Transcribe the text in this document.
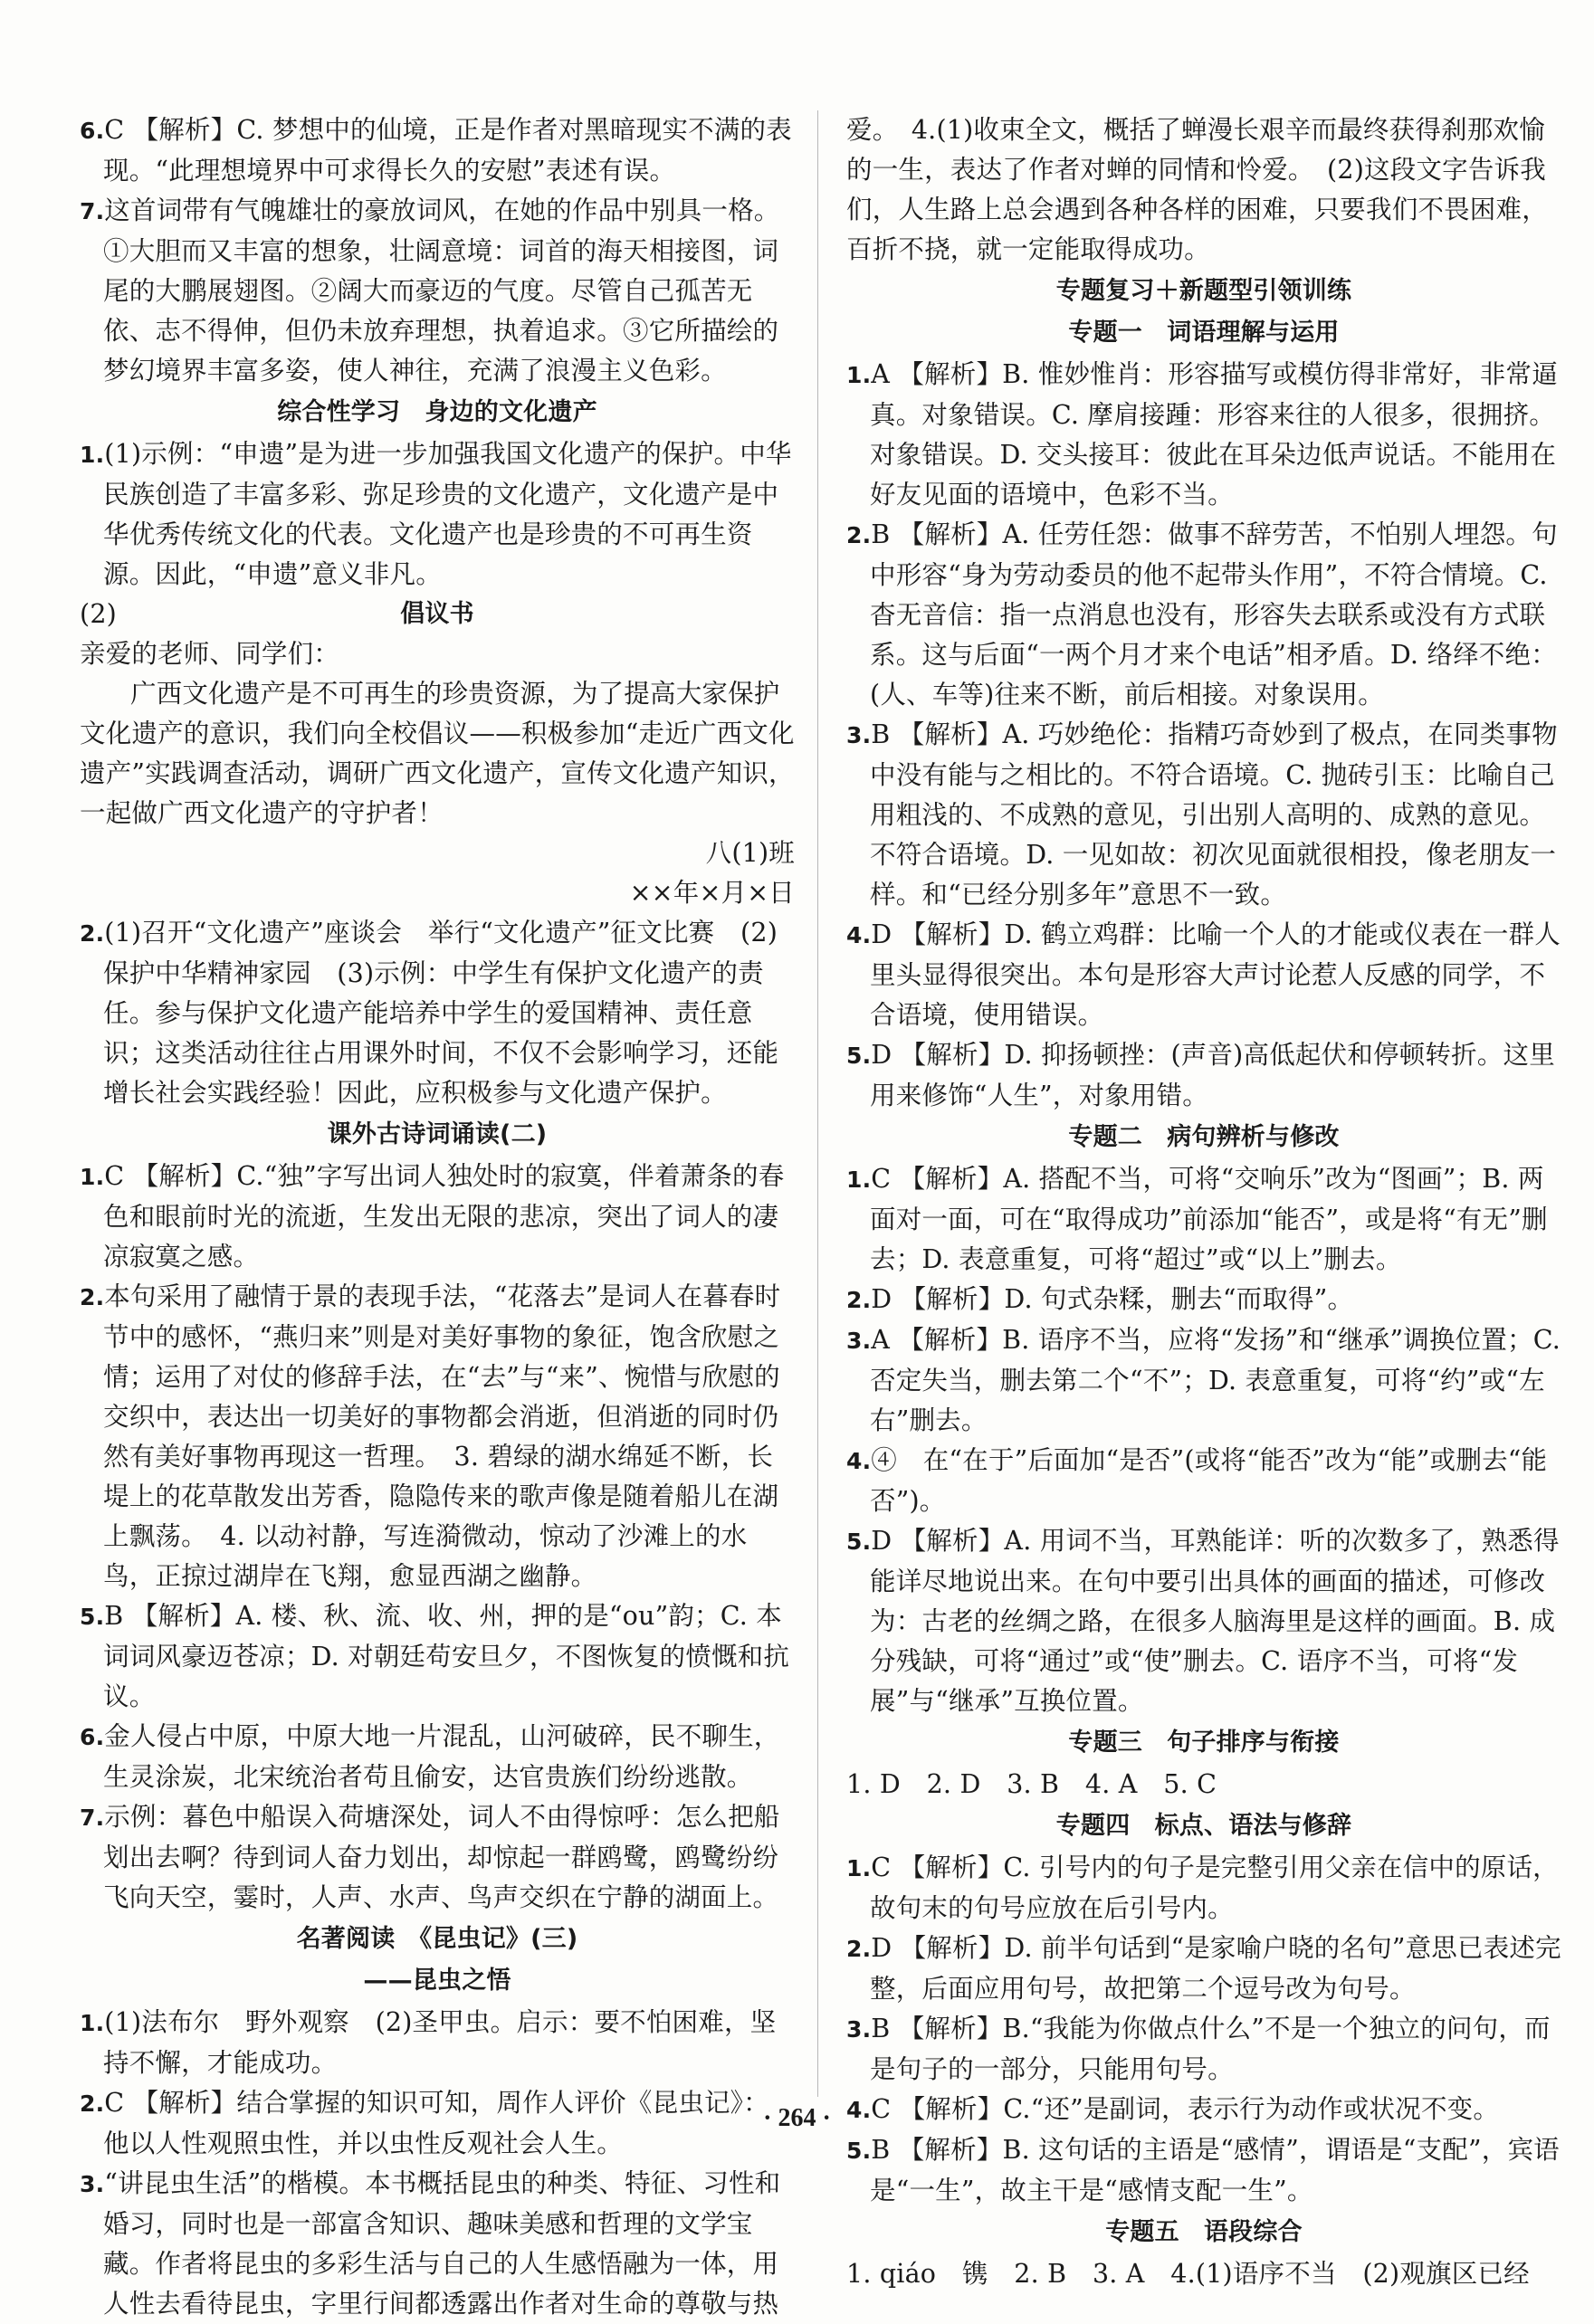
6.C 【解析】C. 梦想中的仙境，正是作者对黑暗现实不满的表现。“此理想境界中可求得长久的安慰”表述有误。

7.这首词带有气魄雄壮的豪放词风，在她的作品中别具一格。①大胆而又丰富的想象，壮阔意境：词首的海天相接图，词尾的大鹏展翅图。②阔大而豪迈的气度。尽管自己孤苦无依、志不得伸，但仍未放弃理想，执着追求。③它所描绘的梦幻境界丰富多姿，使人神往，充满了浪漫主义色彩。

综合性学习　身边的文化遗产

1.(1)示例：“申遗”是为进一步加强我国文化遗产的保护。中华民族创造了丰富多彩、弥足珍贵的文化遗产，文化遗产是中华优秀传统文化的代表。文化遗产也是珍贵的不可再生资源。因此，“申遗”意义非凡。

(2)	倡议书

亲爱的老师、同学们：

广西文化遗产是不可再生的珍贵资源，为了提高大家保护文化遗产的意识，我们向全校倡议——积极参加“走近广西文化遗产”实践调查活动，调研广西文化遗产，宣传文化遗产知识，一起做广西文化遗产的守护者！

八(1)班

××年×月×日

2.(1)召开“文化遗产”座谈会　举行“文化遗产”征文比赛　(2)保护中华精神家园　(3)示例：中学生有保护文化遗产的责任。参与保护文化遗产能培养中学生的爱国精神、责任意识；这类活动往往占用课外时间，不仅不会影响学习，还能增长社会实践经验！因此，应积极参与文化遗产保护。

课外古诗词诵读(二)

1.C 【解析】C.“独”字写出词人独处时的寂寞，伴着萧条的春色和眼前时光的流逝，生发出无限的悲凉，突出了词人的凄凉寂寞之感。

2.本句采用了融情于景的表现手法，“花落去”是词人在暮春时节中的感怀，“燕归来”则是对美好事物的象征，饱含欣慰之情；运用了对仗的修辞手法，在“去”与“来”、惋惜与欣慰的交织中，表达出一切美好的事物都会消逝，但消逝的同时仍然有美好事物再现这一哲理。　3. 碧绿的湖水绵延不断，长堤上的花草散发出芳香，隐隐传来的歌声像是随着船儿在湖上飘荡。　4. 以动衬静，写连漪微动，惊动了沙滩上的水鸟，正掠过湖岸在飞翔，愈显西湖之幽静。

5.B 【解析】A. 楼、秋、流、收、州，押的是“ou”韵；C. 本词词风豪迈苍凉；D. 对朝廷苟安旦夕，不图恢复的愤慨和抗议。

6.金人侵占中原，中原大地一片混乱，山河破碎，民不聊生，生灵涂炭，北宋统治者苟且偷安，达官贵族们纷纷逃散。

7.示例：暮色中船误入荷塘深处，词人不由得惊呼：怎么把船划出去啊？待到词人奋力划出，却惊起一群鸥鹭，鸥鹭纷纷飞向天空，霎时，人声、水声、鸟声交织在宁静的湖面上。

名著阅读　《昆虫记》(三)

——昆虫之悟

1.(1)法布尔　野外观察　(2)圣甲虫。启示：要不怕困难，坚持不懈，才能成功。

2.C 【解析】结合掌握的知识可知，周作人评价《昆虫记》：他以人性观照虫性，并以虫性反观社会人生。

3.“讲昆虫生活”的楷模。本书概括昆虫的种类、特征、习性和婚习，同时也是一部富含知识、趣味美感和哲理的文学宝藏。作者将昆虫的多彩生活与自己的人生感悟融为一体，用人性去看待昆虫，字里行间都透露出作者对生命的尊敬与热

爱。　4.(1)收束全文，概括了蝉漫长艰辛而最终获得刹那欢愉的一生，表达了作者对蝉的同情和怜爱。　(2)这段文字告诉我们，人生路上总会遇到各种各样的困难，只要我们不畏困难，百折不挠，就一定能取得成功。

专题复习＋新题型引领训练

专题一　词语理解与运用

1.A 【解析】B. 惟妙惟肖：形容描写或模仿得非常好，非常逼真。对象错误。C. 摩肩接踵：形容来往的人很多，很拥挤。对象错误。D. 交头接耳：彼此在耳朵边低声说话。不能用在好友见面的语境中，色彩不当。

2.B 【解析】A. 任劳任怨：做事不辞劳苦，不怕别人埋怨。句中形容“身为劳动委员的他不起带头作用”，不符合情境。C. 杳无音信：指一点消息也没有，形容失去联系或没有方式联系。这与后面“一两个月才来个电话”相矛盾。D. 络绎不绝：(人、车等)往来不断，前后相接。对象误用。

3.B 【解析】A. 巧妙绝伦：指精巧奇妙到了极点，在同类事物中没有能与之相比的。不符合语境。C. 抛砖引玉：比喻自己用粗浅的、不成熟的意见，引出别人高明的、成熟的意见。不符合语境。D. 一见如故：初次见面就很相投，像老朋友一样。和“已经分别多年”意思不一致。

4.D 【解析】D. 鹤立鸡群：比喻一个人的才能或仪表在一群人里头显得很突出。本句是形容大声讨论惹人反感的同学，不合语境，使用错误。

5.D 【解析】D. 抑扬顿挫：(声音)高低起伏和停顿转折。这里用来修饰“人生”，对象用错。

专题二　病句辨析与修改

1.C 【解析】A. 搭配不当，可将“交响乐”改为“图画”；B. 两面对一面，可在“取得成功”前添加“能否”，或是将“有无”删去；D. 表意重复，可将“超过”或“以上”删去。

2.D 【解析】D. 句式杂糅，删去“而取得”。

3.A 【解析】B. 语序不当，应将“发扬”和“继承”调换位置；C. 否定失当，删去第二个“不”；D. 表意重复，可将“约”或“左右”删去。

4.④　在“在于”后面加“是否”(或将“能否”改为“能”或删去“能否”)。

5.D 【解析】A. 用词不当，耳熟能详：听的次数多了，熟悉得能详尽地说出来。在句中要引出具体的画面的描述，可修改为：古老的丝绸之路，在很多人脑海里是这样的画面。B. 成分残缺，可将“通过”或“使”删去。C. 语序不当，可将“发展”与“继承”互换位置。

专题三　句子排序与衔接

1. D　2. D　3. B　4. A　5. C

专题四　标点、语法与修辞

1.C 【解析】C. 引号内的句子是完整引用父亲在信中的原话，故句末的句号应放在后引号内。

2.D 【解析】D. 前半句话到“是家喻户晓的名句”意思已表述完整，后面应用句号，故把第二个逗号改为句号。

3.B 【解析】B.“我能为你做点什么”不是一个独立的问句，而是句子的一部分，只能用句号。

4.C 【解析】C.“还”是副词，表示行为动作或状况不变。

5.B 【解析】B. 这句话的主语是“感情”，谓语是“支配”，宾语是“一生”，故主干是“感情支配一生”。

专题五　语段综合

1. qiáo　镌　2. B　3. A　4.(1)语序不当　(2)观旗区已经

· 264 ·
